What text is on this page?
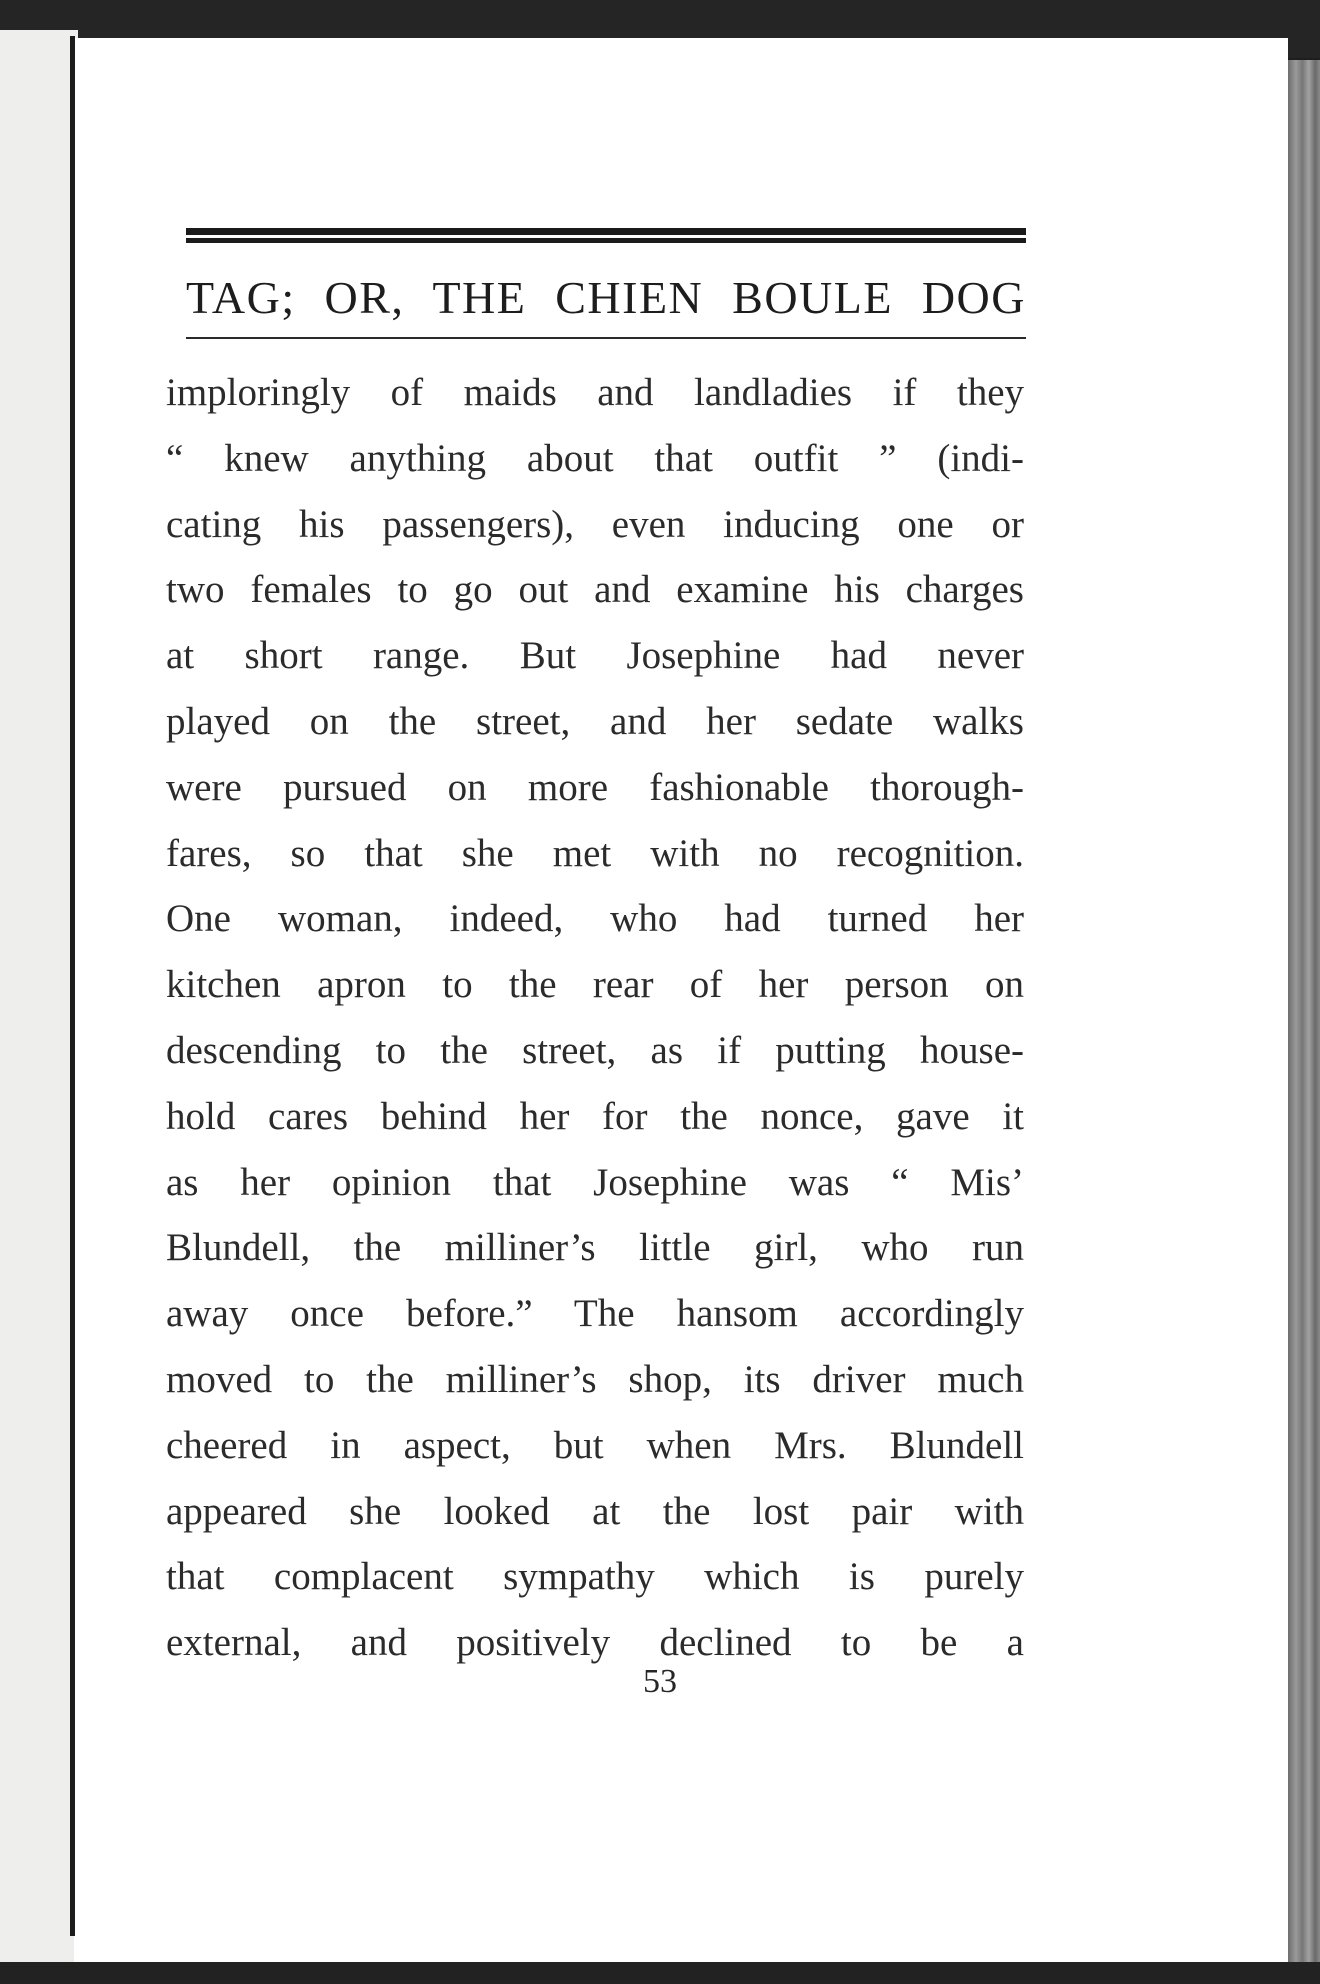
TAG; OR, THE CHIEN BOULE DOG
imploringly of maids and landladies if they
“ knew anything about that outfit ” (indi-
cating his passengers), even inducing one or
two females to go out and examine his charges
at short range. But Josephine had never
played on the street, and her sedate walks
were pursued on more fashionable thorough-
fares, so that she met with no recognition.
One woman, indeed, who had turned her
kitchen apron to the rear of her person on
descending to the street, as if putting house-
hold cares behind her for the nonce, gave it
as her opinion that Josephine was “ Mis’
Blundell, the milliner’s little girl, who run
away once before.” The hansom accordingly
moved to the milliner’s shop, its driver much
cheered in aspect, but when Mrs. Blundell
appeared she looked at the lost pair with
that complacent sympathy which is purely
external, and positively declined to be a
53
